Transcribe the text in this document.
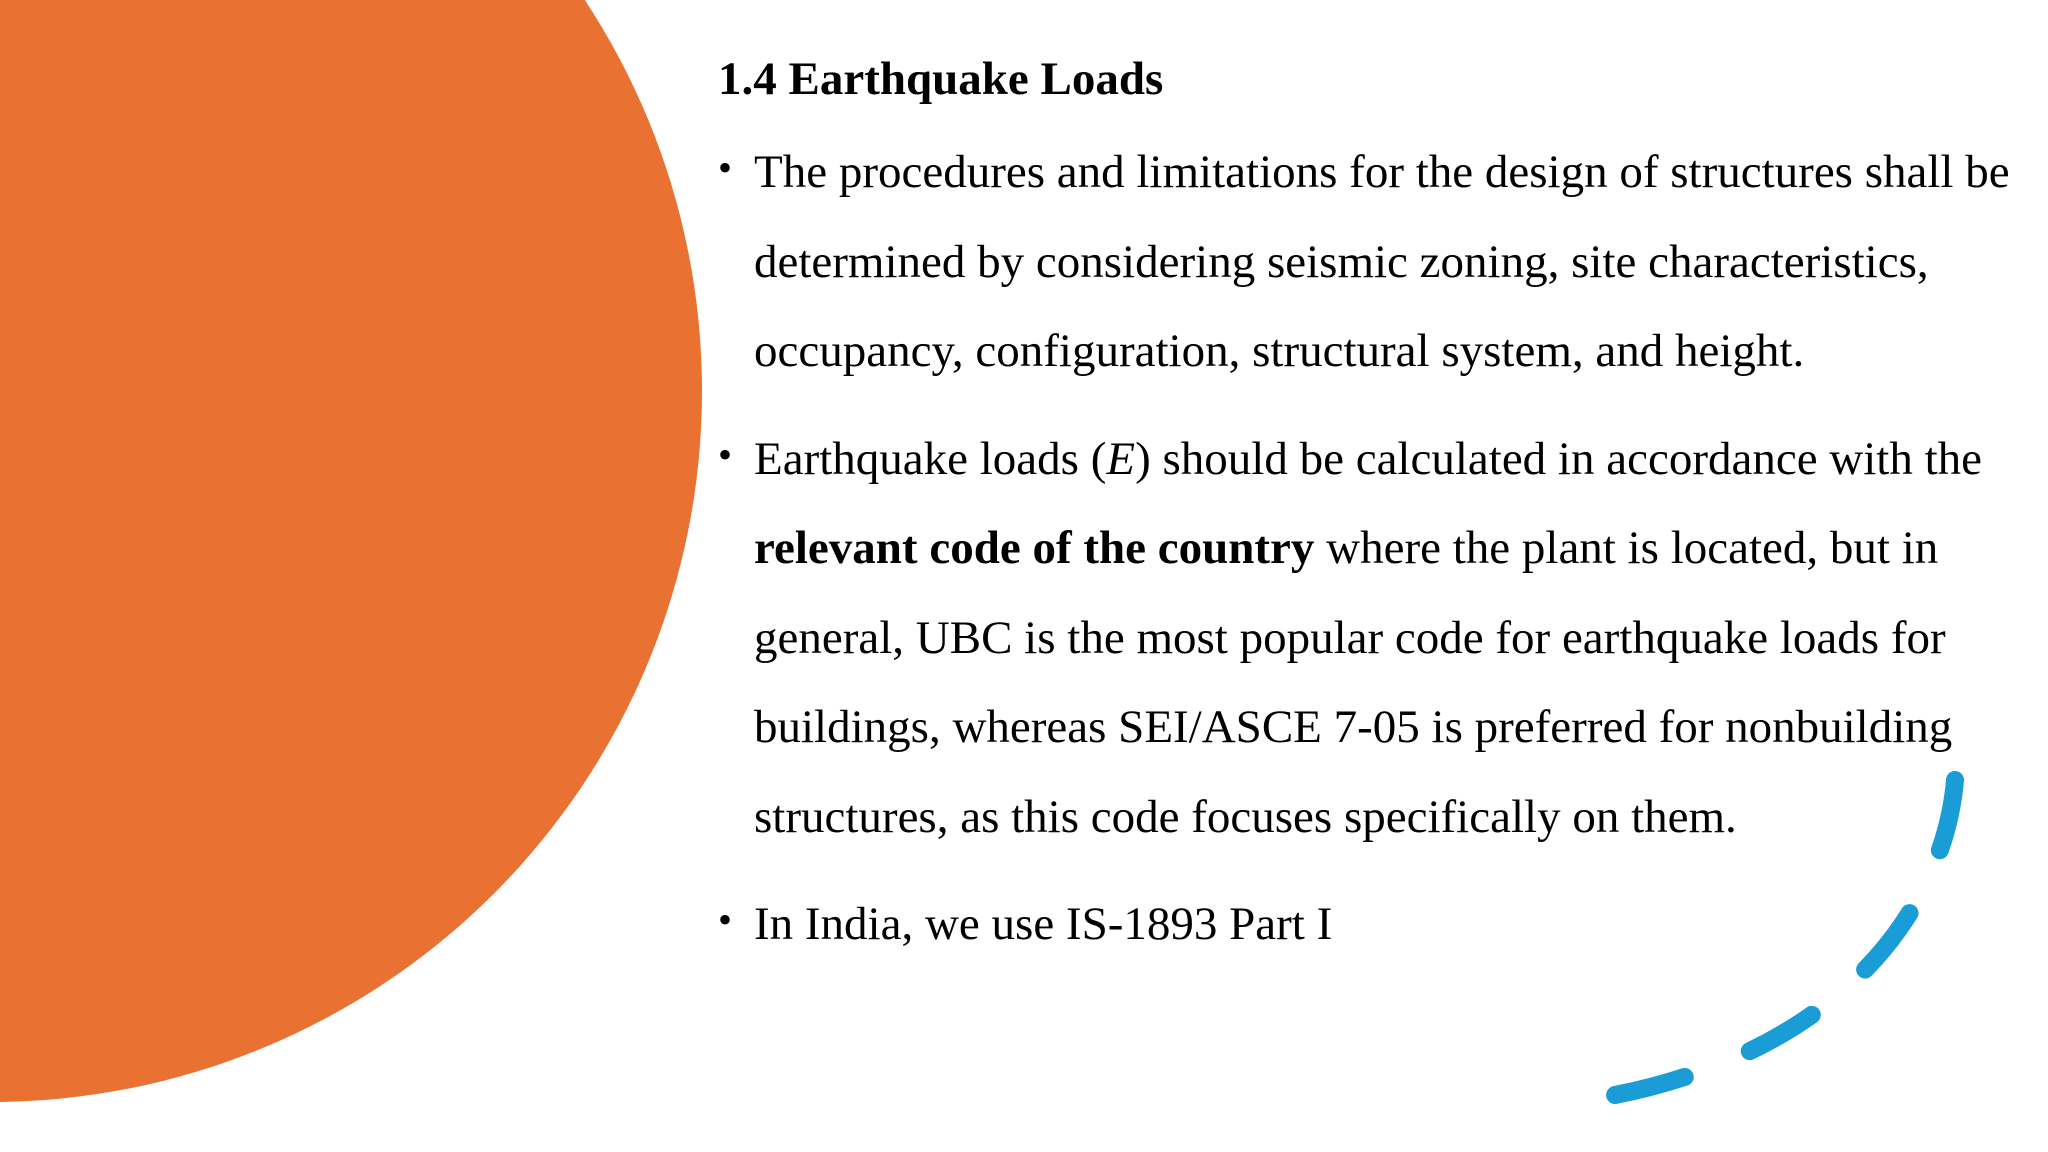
1.4 Earthquake Loads
• The procedures and limitations for the design of structures shall be determined by considering seismic zoning, site characteristics, occupancy, configuration, structural system, and height.
• Earthquake loads (E) should be calculated in accordance with the relevant code of the country where the plant is located, but in general, UBC is the most popular code for earthquake loads for buildings, whereas SEI/ASCE 7-05 is preferred for nonbuilding structures, as this code focuses specifically on them.
• In India, we use IS-1893 Part I
